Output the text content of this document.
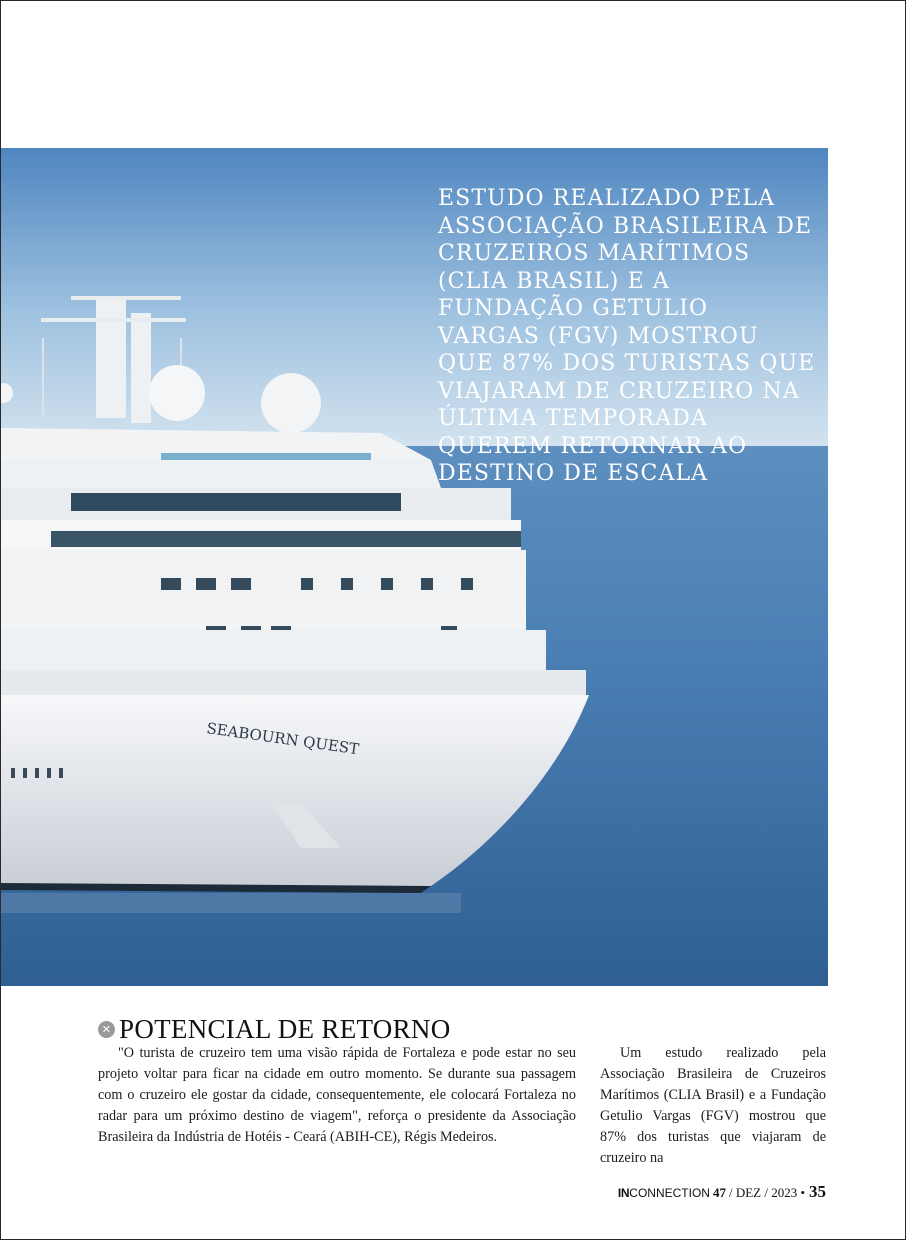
SEABOURN QUEST
ESTUDO REALIZADO PELA ASSOCIAÇÃO BRASILEIRA DE CRUZEIROS MARÍTIMOS (CLIA BRASIL) E A FUNDAÇÃO GETULIO VARGAS (FGV) MOSTROU QUE 87% DOS TURISTAS QUE VIAJARAM DE CRUZEIRO NA ÚLTIMA TEMPORADA QUEREM RETORNAR AO DESTINO DE ESCALA
✕
POTENCIAL DE RETORNO

"O turista de cruzeiro tem uma visão rápida de Fortaleza e pode estar no seu projeto voltar para ficar na cidade em outro momento. Se durante sua passagem com o cruzeiro ele gostar da cidade, consequentemente, ele colocará Fortaleza no radar para um próximo destino de viagem", reforça o presidente da Associação Brasileira da Indústria de Hotéis - Ceará (ABIH-CE), Régis Medeiros.

Um estudo realizado pela Associação Brasileira de Cruzeiros Marítimos (CLIA Brasil) e a Fundação Getulio Vargas (FGV) mostrou que 87% dos turistas que viajaram de cruzeiro na

IN CONNECTION 47 / DEZ / 2023 • 35
